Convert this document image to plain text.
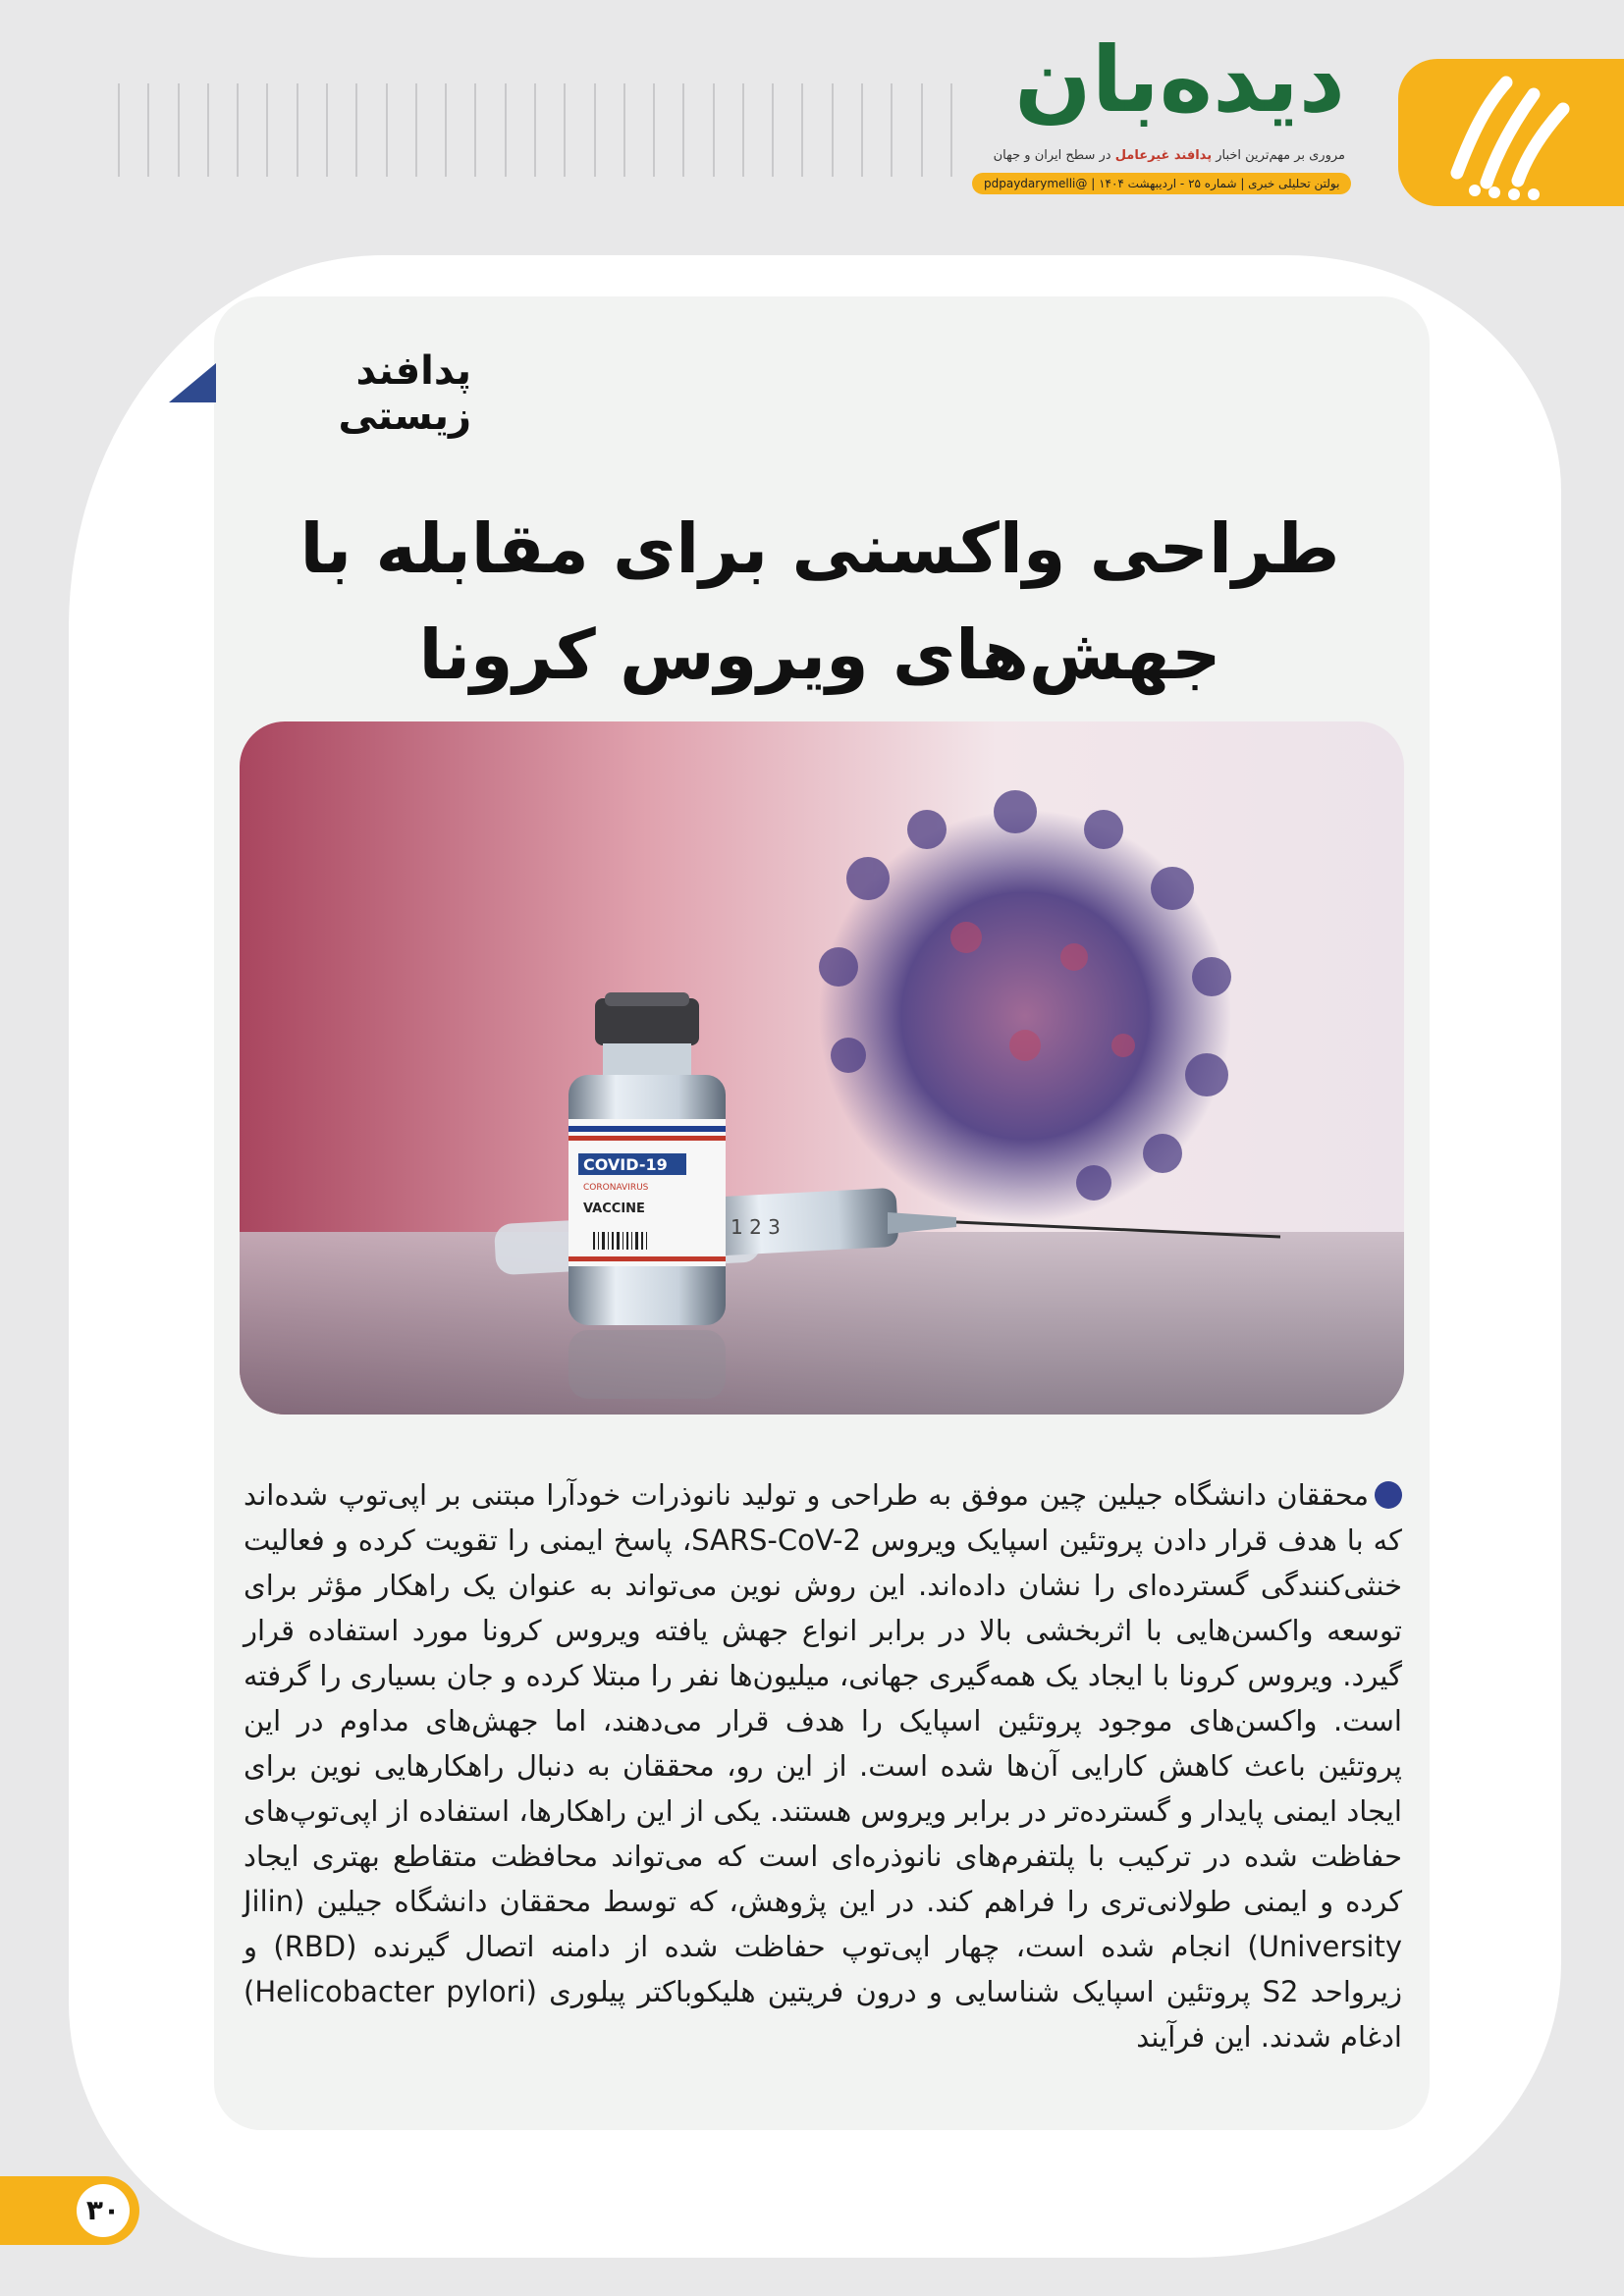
دیده‌بان
مروری بر مهم‌ترین اخبار پدافند غیرعامل در سطح ایران و جهان
بولتن تحلیلی خبری | شماره ۲۵ - اردیبهشت ۱۴۰۴ | @pdpaydarymelli
پدافند زیستی
طراحی واکسنی برای مقابله با جهش‌های ویروس کرونا
1 2 3
COVID-19
CORONAVIRUS
VACCINE
محققان دانشگاه جیلین چین موفق به طراحی و تولید نانوذرات خودآرا مبتنی بر اپی‌توپ شده‌اند که با هدف قرار دادن پروتئین اسپایک ویروس SARS-CoV-2، پاسخ ایمنی را تقویت کرده و فعالیت خنثی‌کنندگی گسترده‌ای را نشان داده‌اند. این روش نوین می‌تواند به عنوان یک راهکار مؤثر برای توسعه واکسن‌هایی با اثربخشی بالا در برابر انواع جهش یافته ویروس کرونا مورد استفاده قرار گیرد. ویروس کرونا با ایجاد یک همه‌گیری جهانی، میلیون‌ها نفر را مبتلا کرده و جان بسیاری را گرفته است. واکسن‌های موجود پروتئین اسپایک را هدف قرار می‌دهند، اما جهش‌های مداوم در این پروتئین باعث کاهش کارایی آن‌ها شده است. از این رو، محققان به دنبال راهکارهایی نوین برای ایجاد ایمنی پایدار و گسترده‌تر در برابر ویروس هستند. یکی از این راهکارها، استفاده از اپی‌توپ‌های حفاظت شده در ترکیب با پلتفرم‌های نانوذره‌ای است که می‌تواند محافظت متقاطع بهتری ایجاد کرده و ایمنی طولانی‌تری را فراهم کند. در این پژوهش، که توسط محققان دانشگاه جیلین (Jilin University) انجام شده است، چهار اپی‌توپ حفاظت شده از دامنه اتصال گیرنده (RBD) و زیرواحد S2 پروتئین اسپایک شناسایی و درون فریتین هلیکوباکتر پیلوری (Helicobacter pylori) ادغام شدند. این فرآیند
۳۰
